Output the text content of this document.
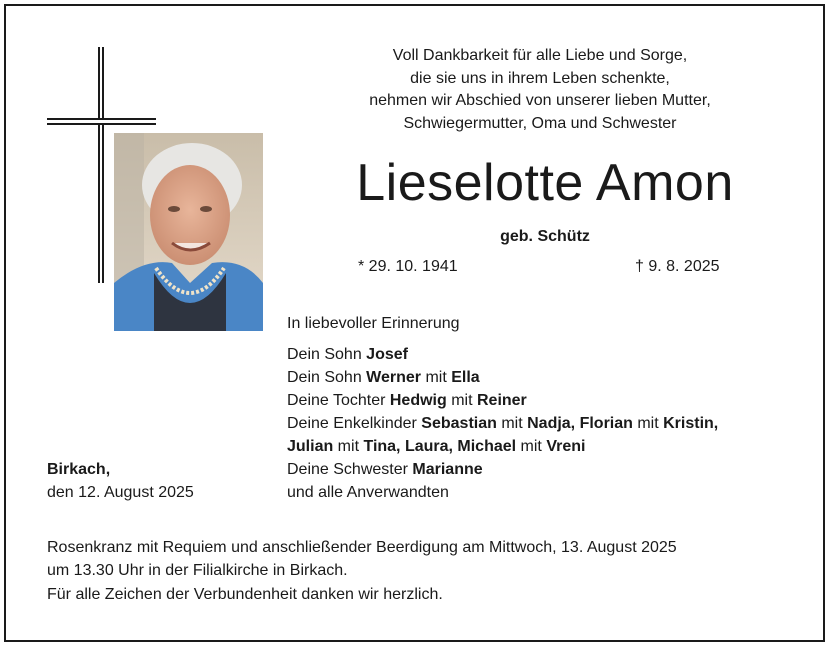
Voll Dankbarkeit für alle Liebe und Sorge,
die sie uns in ihrem Leben schenkte,
nehmen wir Abschied von unserer lieben Mutter,
Schwiegermutter, Oma und Schwester
Lieselotte Amon
geb. Schütz
* 29. 10. 1941	† 9. 8. 2025
In liebevoller Erinnerung
Dein Sohn Josef
Dein Sohn Werner mit Ella
Deine Tochter Hedwig mit Reiner
Deine Enkelkinder Sebastian mit Nadja, Florian mit Kristin,
Julian mit Tina, Laura, Michael mit Vreni
Deine Schwester Marianne
und alle Anverwandten
Birkach,
den 12. August 2025
Rosenkranz mit Requiem und anschließender Beerdigung am Mittwoch, 13. August 2025
um 13.30 Uhr in der Filialkirche in Birkach.
Für alle Zeichen der Verbundenheit danken wir herzlich.
